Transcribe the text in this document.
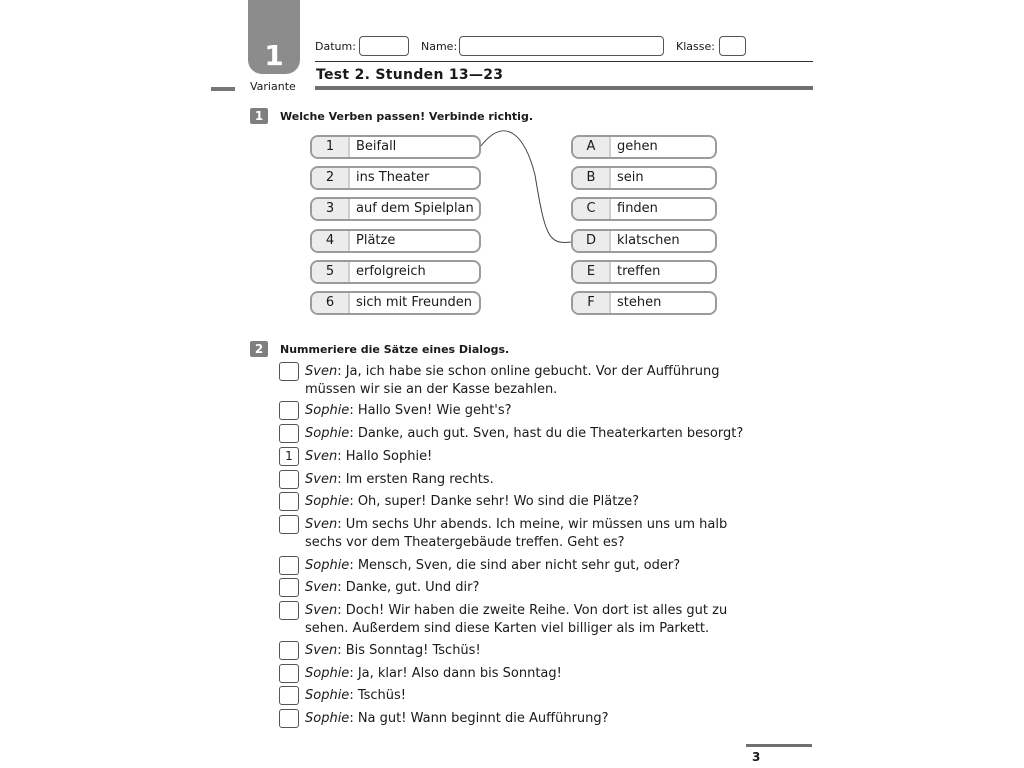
1
Variante
Datum:	Name:	Klasse:
Test 2. Stunden 13—23
1	Welche Verben passen! Verbinde richtig.
1	Beifall
2	ins Theater
3	auf dem Spielplan
4	Plätze
5	erfolgreich
6	sich mit Freunden
A	gehen
B	sein
C	finden
D	klatschen
E	treffen
F	stehen
2	Nummeriere die Sätze eines Dialogs.
Sven: Ja, ich habe sie schon online gebucht. Vor der Aufführung
müssen wir sie an der Kasse bezahlen.
Sophie: Hallo Sven! Wie geht's?
Sophie: Danke, auch gut. Sven, hast du die Theaterkarten besorgt?
1 Sven: Hallo Sophie!
Sven: Im ersten Rang rechts.
Sophie: Oh, super! Danke sehr! Wo sind die Plätze?
Sven: Um sechs Uhr abends. Ich meine, wir müssen uns um halb
sechs vor dem Theatergebäude treffen. Geht es?
Sophie: Mensch, Sven, die sind aber nicht sehr gut, oder?
Sven: Danke, gut. Und dir?
Sven: Doch! Wir haben die zweite Reihe. Von dort ist alles gut zu
sehen. Außerdem sind diese Karten viel billiger als im Parkett.
Sven: Bis Sonntag! Tschüs!
Sophie: Ja, klar! Also dann bis Sonntag!
Sophie: Tschüs!
Sophie: Na gut! Wann beginnt die Aufführung?
3
